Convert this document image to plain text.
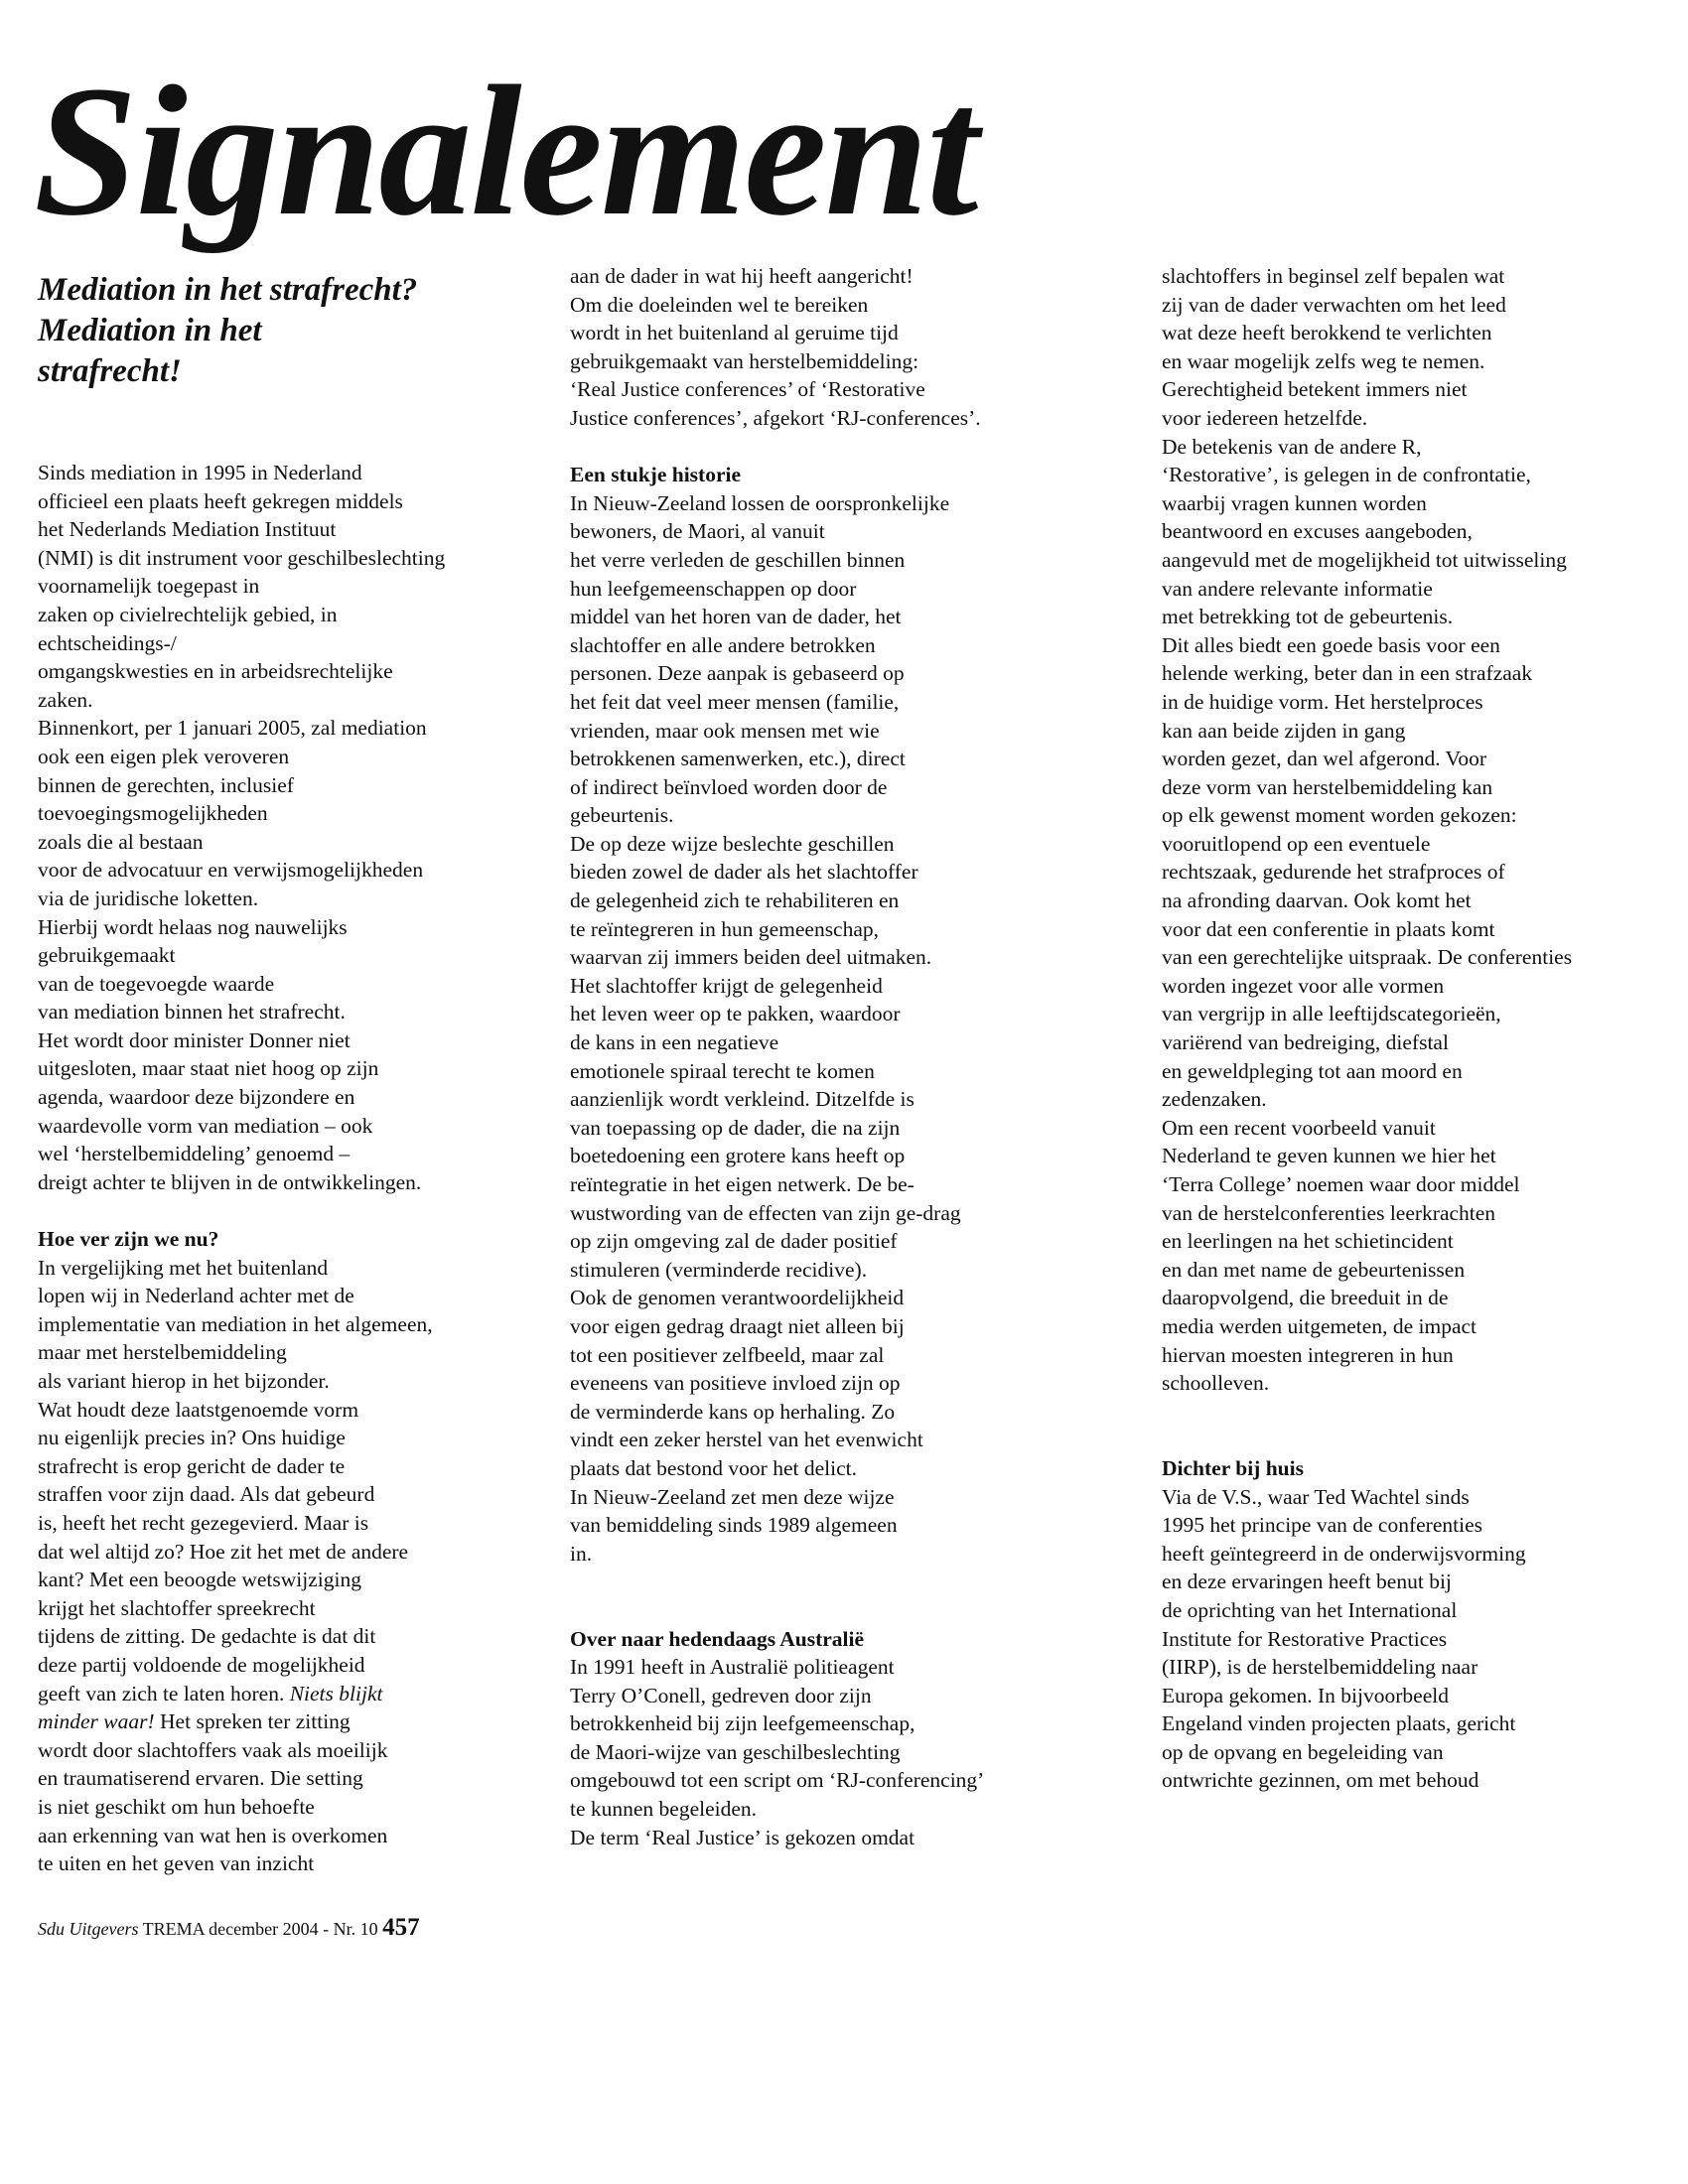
Signalement
Mediation in het strafrecht?
Mediation in het
strafrecht!
Sinds mediation in 1995 in Nederland
officieel een plaats heeft gekregen middels
het Nederlands Mediation Instituut
(NMI) is dit instrument voor geschilbeslechting
voornamelijk toegepast in
zaken op civielrechtelijk gebied, in
echtscheidings-/
omgangskwesties en in arbeidsrechtelijke
zaken.
Binnenkort, per 1 januari 2005, zal mediation
ook een eigen plek veroveren
binnen de gerechten, inclusief
toevoegingsmogelijkheden
zoals die al bestaan
voor de advocatuur en verwijsmogelijkheden
via de juridische loketten.
Hierbij wordt helaas nog nauwelijks
gebruikgemaakt
van de toegevoegde waarde
van mediation binnen het strafrecht.
Het wordt door minister Donner niet
uitgesloten, maar staat niet hoog op zijn
agenda, waardoor deze bijzondere en
waardevolle vorm van mediation – ook
wel ‘herstelbemiddeling’ genoemd –
dreigt achter te blijven in de ontwikkelingen.
Hoe ver zijn we nu?
In vergelijking met het buitenland
lopen wij in Nederland achter met de
implementatie van mediation in het algemeen,
maar met herstelbemiddeling
als variant hierop in het bijzonder.
Wat houdt deze laatstgenoemde vorm
nu eigenlijk precies in? Ons huidige
strafrecht is erop gericht de dader te
straffen voor zijn daad. Als dat gebeurd
is, heeft het recht gezegevierd. Maar is
dat wel altijd zo? Hoe zit het met de andere
kant? Met een beoogde wetswijziging
krijgt het slachtoffer spreekrecht
tijdens de zitting. De gedachte is dat dit
deze partij voldoende de mogelijkheid
geeft van zich te laten horen. Niets blijkt
minder waar! Het spreken ter zitting
wordt door slachtoffers vaak als moeilijk
en traumatiserend ervaren. Die setting
is niet geschikt om hun behoefte
aan erkenning van wat hen is overkomen
te uiten en het geven van inzicht
aan de dader in wat hij heeft aangericht!
Om die doeleinden wel te bereiken
wordt in het buitenland al geruime tijd
gebruikgemaakt van herstelbemiddeling:
‘Real Justice conferences’ of ‘Restorative
Justice conferences’, afgekort ‘RJ-conferences’.
Een stukje historie
In Nieuw-Zeeland lossen de oorspronkelijke
bewoners, de Maori, al vanuit
het verre verleden de geschillen binnen
hun leefgemeenschappen op door
middel van het horen van de dader, het
slachtoffer en alle andere betrokken
personen. Deze aanpak is gebaseerd op
het feit dat veel meer mensen (familie,
vrienden, maar ook mensen met wie
betrokkenen samenwerken, etc.), direct
of indirect beïnvloed worden door de
gebeurtenis.
De op deze wijze beslechte geschillen
bieden zowel de dader als het slachtoffer
de gelegenheid zich te rehabiliteren en
te reïntegreren in hun gemeenschap,
waarvan zij immers beiden deel uitmaken.
Het slachtoffer krijgt de gelegenheid
het leven weer op te pakken, waardoor
de kans in een negatieve
emotionele spiraal terecht te komen
aanzienlijk wordt verkleind. Ditzelfde is
van toepassing op de dader, die na zijn
boetedoening een grotere kans heeft op
reïntegratie in het eigen netwerk. De be-
wustwording van de effecten van zijn ge-drag
op zijn omgeving zal de dader positief
stimuleren (verminderde recidive).
Ook de genomen verantwoordelijkheid
voor eigen gedrag draagt niet alleen bij
tot een positiever zelfbeeld, maar zal
eveneens van positieve invloed zijn op
de verminderde kans op herhaling. Zo
vindt een zeker herstel van het evenwicht
plaats dat bestond voor het delict.
In Nieuw-Zeeland zet men deze wijze
van bemiddeling sinds 1989 algemeen
in.
Over naar hedendaags Australië
In 1991 heeft in Australië politieagent
Terry O’Conell, gedreven door zijn
betrokkenheid bij zijn leefgemeenschap,
de Maori-wijze van geschilbeslechting
omgebouwd tot een script om ‘RJ-conferencing’
te kunnen begeleiden.
De term ‘Real Justice’ is gekozen omdat
slachtoffers in beginsel zelf bepalen wat
zij van de dader verwachten om het leed
wat deze heeft berokkend te verlichten
en waar mogelijk zelfs weg te nemen.
Gerechtigheid betekent immers niet
voor iedereen hetzelfde.
De betekenis van de andere R,
‘Restorative’, is gelegen in de confrontatie,
waarbij vragen kunnen worden
beantwoord en excuses aangeboden,
aangevuld met de mogelijkheid tot uitwisseling
van andere relevante informatie
met betrekking tot de gebeurtenis.
Dit alles biedt een goede basis voor een
helende werking, beter dan in een strafzaak
in de huidige vorm. Het herstelproces
kan aan beide zijden in gang
worden gezet, dan wel afgerond. Voor
deze vorm van herstelbemiddeling kan
op elk gewenst moment worden gekozen:
vooruitlopend op een eventuele
rechtszaak, gedurende het strafproces of
na afronding daarvan. Ook komt het
voor dat een conferentie in plaats komt
van een gerechtelijke uitspraak. De conferenties
worden ingezet voor alle vormen
van vergrijp in alle leeftijdscategorieën,
variërend van bedreiging, diefstal
en geweldpleging tot aan moord en
zedenzaken.
Om een recent voorbeeld vanuit
Nederland te geven kunnen we hier het
‘Terra College’ noemen waar door middel
van de herstelconferenties leerkrachten
en leerlingen na het schietincident
en dan met name de gebeurtenissen
daaropvolgend, die breeduit in de
media werden uitgemeten, de impact
hiervan moesten integreren in hun
schoolleven.
Dichter bij huis
Via de V.S., waar Ted Wachtel sinds
1995 het principe van de conferenties
heeft geïntegreerd in de onderwijsvorming
en deze ervaringen heeft benut bij
de oprichting van het International
Institute for Restorative Practices
(IIRP), is de herstelbemiddeling naar
Europa gekomen. In bijvoorbeeld
Engeland vinden projecten plaats, gericht
op de opvang en begeleiding van
ontwrichte gezinnen, om met behoud
Sdu Uitgevers TREMA december 2004 - Nr. 10 457
